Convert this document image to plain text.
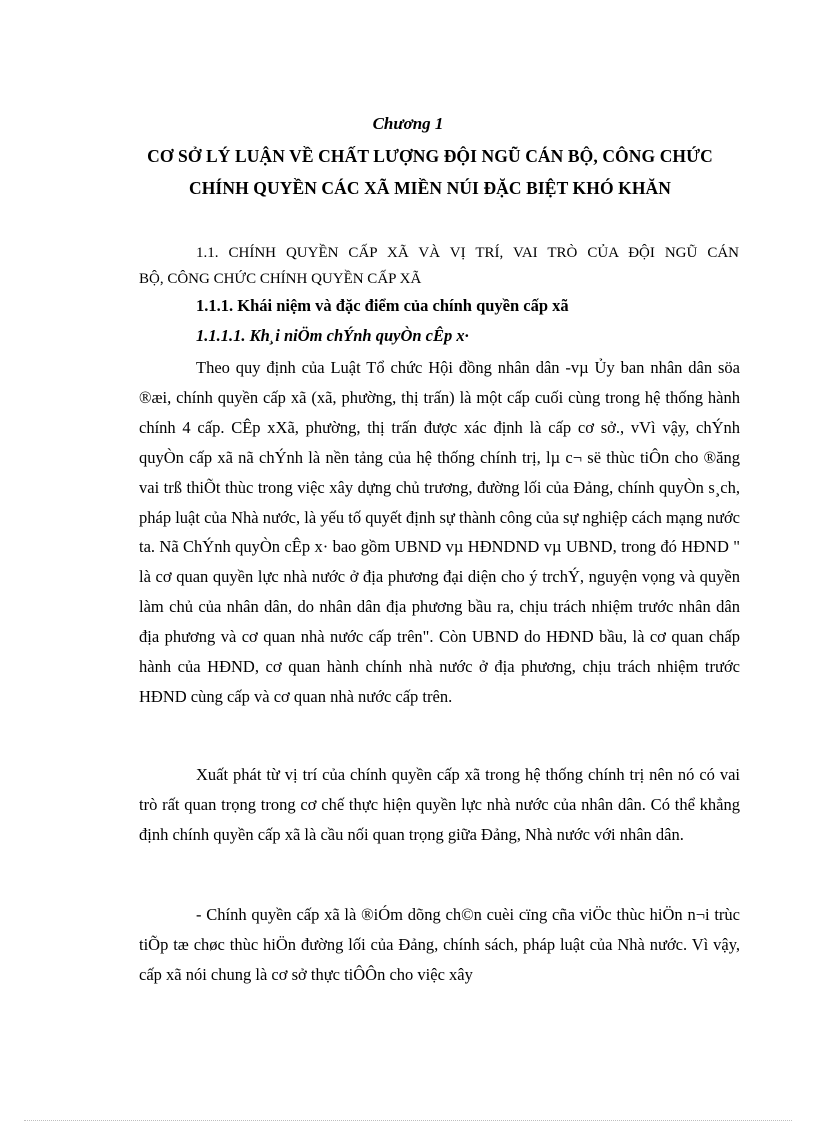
Chương 1
CƠ SỞ LÝ LUẬN VỀ CHẤT LƯỢNG ĐỘI NGŨ CÁN BỘ, CÔNG CHỨC
CHÍNH QUYỀN CÁC XÃ MIỀN NÚI ĐẶC BIỆT KHÓ KHĂN
1.1. CHÍNH QUYỀN CẤP XÃ VÀ VỊ TRÍ, VAI TRÒ CỦA ĐỘI NGŨ CÁN
BỘ, CÔNG CHỨC CHÍNH QUYỀN CẤP XÃ
1.1.1. Khái niệm và đặc điểm của chính quyền cấp xã
1.1.1.1. Kh¸i niÖm chÝnh quyÒn cÊp x·

Theo quy định của Luật Tổ chức Hội đồng nhân dân -vµ Ủy ban nhân dân söa ®æi, chính quyền cấp xã (xã, phường, thị trấn) là một cấp cuối cùng trong hệ thống hành chính 4 cấp. CÊp xXã, phường, thị trấn được xác định là cấp cơ sở., vVì vậy, chÝnh quyÒn cấp xã nã chÝnh là nền tảng của hệ thống chính trị, lµ c¬ së thùc tiÔn cho ®ăng vai trß thiÕt thùc trong việc xây dựng chủ trương, đường lối của Đảng, chính quyÒn s¸ch, pháp luật của Nhà nước, là yếu tố quyết định sự thành công của sự nghiệp cách mạng nước ta. Nã ChÝnh quyÒn cÊp x· bao gồm UBND vµ HĐNDND vµ UBND, trong đó HĐND " là cơ quan quyền lực nhà nước ở địa phương đại diện cho ý trchÝ, nguyện vọng và quyền làm chủ của nhân dân, do nhân dân địa phương bầu ra, chịu trách nhiệm trước nhân dân địa phương và cơ quan nhà nước cấp trên". Còn UBND do HĐND bầu, là cơ quan chấp hành của HĐND, cơ quan hành chính nhà nước ở địa phương, chịu trách nhiệm trước HĐND cùng cấp và cơ quan nhà nước cấp trên.

Xuất phát từ vị trí của chính quyền cấp xã trong hệ thống chính trị nên nó có vai trò rất quan trọng trong cơ chế thực hiện quyền lực nhà nước của nhân dân. Có thể khẳng định chính quyền cấp xã là cầu nối quan trọng giữa Đảng, Nhà nước với nhân dân.

- Chính quyền cấp xã là ®iÓm dõng ch©n cuèi cïng cña viÖc thùc hiÖn n¬i trùc tiÕp tæ chøc thùc hiÖn đường lối của Đảng, chính sách, pháp luật của Nhà nước. Vì vậy, cấp xã nói chung là cơ sở thực tiÔÔn cho việc xây
